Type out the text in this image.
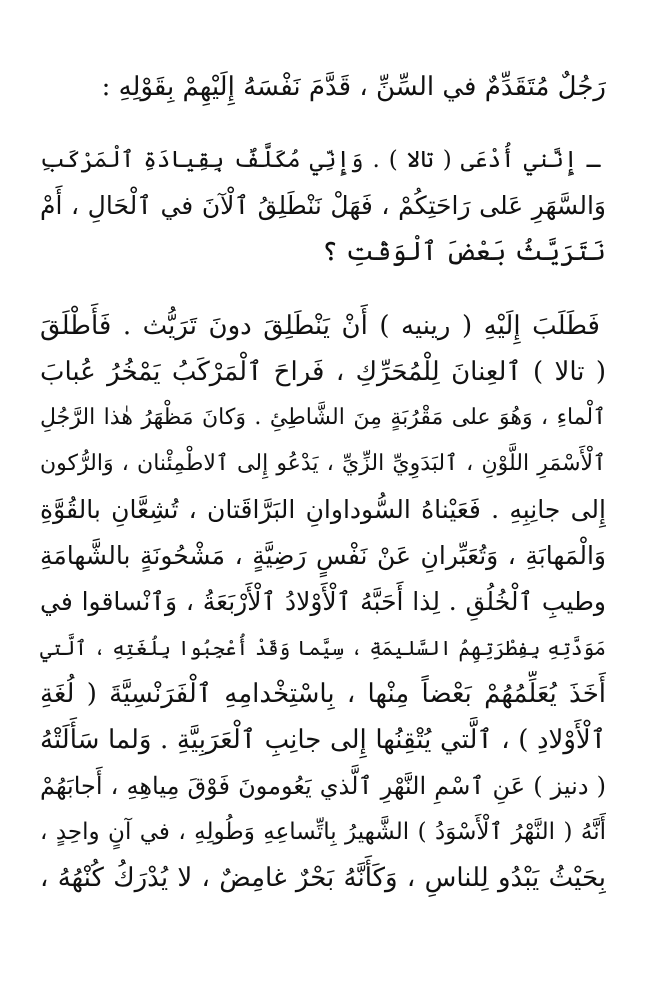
رَجُلٌ مُتَقَدِّمٌ في السِّنِّ ، قَدَّمَ نَفْسَهُ إِلَيْهِمْ بِقَوْلِهِ :
ـ إِنَّني أُدْعَى ( تالا ) . وَإِنِّي مُكَلَّفٌ بِقِيادَةِ ٱلْمَرْكَبِ
وَالسَّهَرِ عَلى رَاحَتِكُمْ ، فَهَلْ نَنْطَلِقُ ٱلْآنَ في ٱلْحَالِ ، أَمْ
نَتَرَيَّثُ بَعْضَ ٱلْوَقْتِ ؟
فَطَلَبَ إِلَيْهِ ( رينيه ) أَنْ يَنْطَلِقَ دونَ تَرَيُّث . فَأَطْلَقَ
( تالا ) ٱلعِنانَ لِلْمُحَرِّكِ ، فَراحَ ٱلْمَرْكَبُ يَمْخُرُ عُبابَ
ٱلْماءِ ، وَهُوَ على مَقْرُبَةٍ مِنَ الشَّاطِئِ . وَكانَ مَظْهَرُ هٰذا الرَّجُلِ
ٱلْأَسْمَرِ اللَّوْنِ ، ٱلبَدَوِيِّ الزِّيِّ ، يَدْعُو إِلى ٱلاطْمِئْنان ، وَالرُّكون
إِلى جانِبِهِ . فَعَيْناهُ السُّوداوانِ البَرَّاقَتان ، تُشِعَّانِ بالقُوَّةِ
وَالْمَهابَةِ ، وَتُعَبِّرانِ عَنْ نَفْسٍ رَضِيَّةٍ ، مَشْحُونَةٍ بالشَّهامَةِ
وطيبِ ٱلْخُلُقِ . لِذا أَحَبَّهُ ٱلْأَوْلادُ ٱلْأَرْبَعَةُ ، وَٱنْساقوا في
مَوَدَّتِهِ بِفِطْرَتِهِمُ السَّليمَةِ ، سِيَّما وَقَدْ أُعْجِبُوا بِلُغَتِهِ ، ٱلَّتي
أَخَذَ يُعَلِّمُهُمْ بَعْضاً مِنْها ، بِاسْتِخْدامِهِ ٱلْفَرَنْسِيَّةَ ( لُغَةِ
ٱلْأَوْلادِ ) ، ٱلَّتي يُتْقِنُها إِلى جانِبِ ٱلْعَرَبِيَّةِ . وَلما سَأَلَتْهُ
( دنيز ) عَنِ ٱسْمِ النَّهْرِ ٱلَّذي يَعُومونَ فَوْقَ مِياهِهِ ، أَجابَهُمْ
أَنَّهُ ( النَّهْرُ ٱلْأَسْوَدُ ) الشَّهيرُ بِاتِّساعِهِ وَطُولِهِ ، في آنٍ واحِدٍ ،
بِحَيْثُ يَبْدُو لِلناسِ ، وَكَأَنَّهُ بَحْرٌ غامِضٌ ، لا يُدْرَكُ كُنْهُهُ ،
